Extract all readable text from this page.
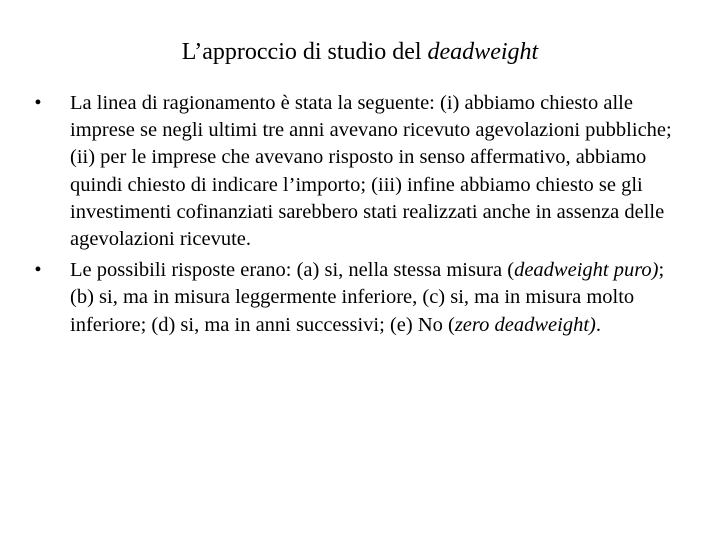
L’approccio di studio del deadweight
•	La linea di ragionamento è stata la seguente: (i) abbiamo chiesto alle imprese se negli ultimi tre anni avevano ricevuto agevolazioni pubbliche; (ii) per le imprese che avevano risposto in senso affermativo, abbiamo quindi chiesto di indicare l’importo; (iii) infine abbiamo chiesto se gli investimenti cofinanziati sarebbero stati realizzati anche in assenza delle agevolazioni ricevute.
•	Le possibili risposte erano: (a) si, nella stessa misura (deadweight puro); (b) si, ma in misura leggermente inferiore, (c) si, ma in misura molto inferiore; (d) si, ma in anni successivi; (e) No (zero deadweight).
